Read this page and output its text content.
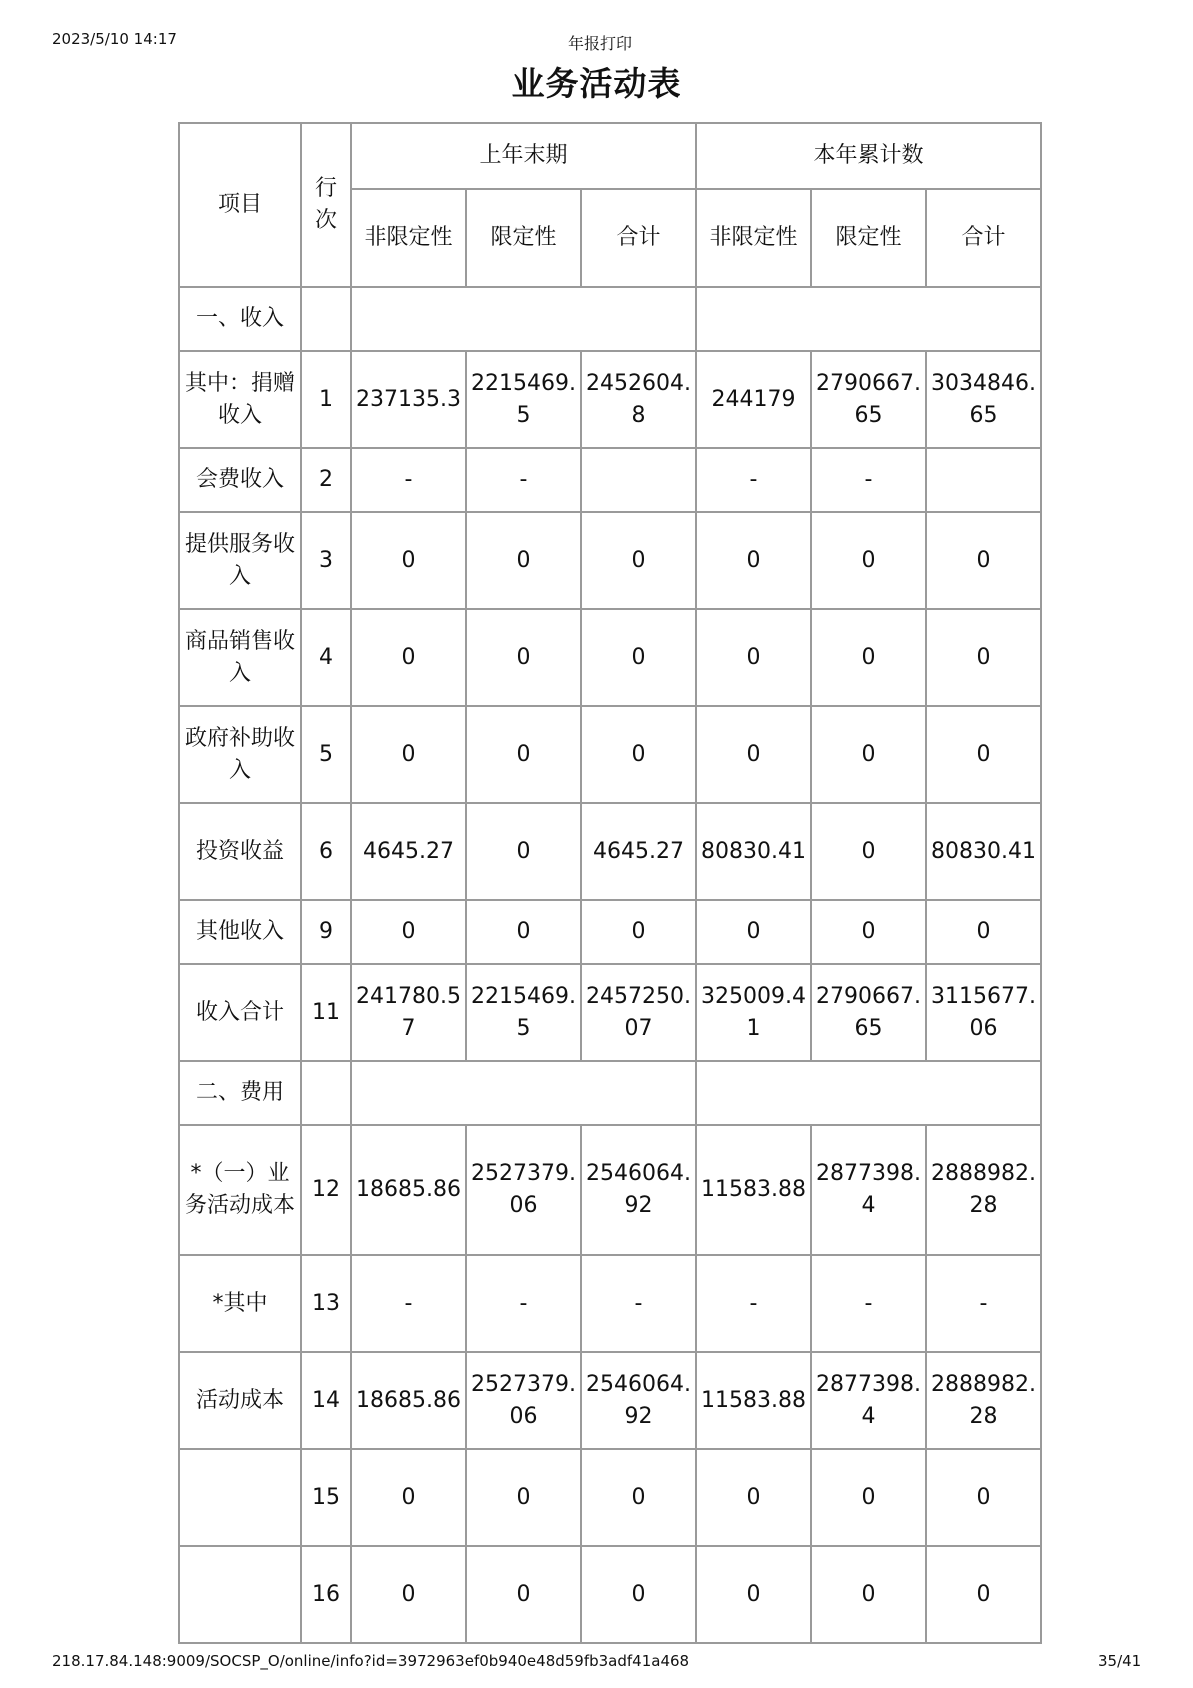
2023/5/10 14:17	年报打印
业务活动表
项目	行次	上年末期			本年累计数		
		非限定性	限定性	合计	非限定性	限定性	合计
一、收入							
其中：捐赠收入	1	237135.3	2215469.5	2452604.8	244179	2790667.65	3034846.65
会费收入	2	-	-		-	-	
提供服务收入	3	0	0	0	0	0	0
商品销售收入	4	0	0	0	0	0	0
政府补助收入	5	0	0	0	0	0	0
投资收益	6	4645.27	0	4645.27	80830.41	0	80830.41
其他收入	9	0	0	0	0	0	0
收入合计	11	241780.57	2215469.5	2457250.07	325009.41	2790667.65	3115677.06
二、费用							
*（一）业务活动成本	12	18685.86	2527379.06	2546064.92	11583.88	2877398.4	2888982.28
*其中	13	-	-	-	-	-	-
活动成本	14	18685.86	2527379.06	2546064.92	11583.88	2877398.4	2888982.28
	15	0	0	0	0	0	0
	16	0	0	0	0	0	0
218.17.84.148:9009/SOCSP_O/online/info?id=3972963ef0b940e48d59fb3adf41a468	35/41
